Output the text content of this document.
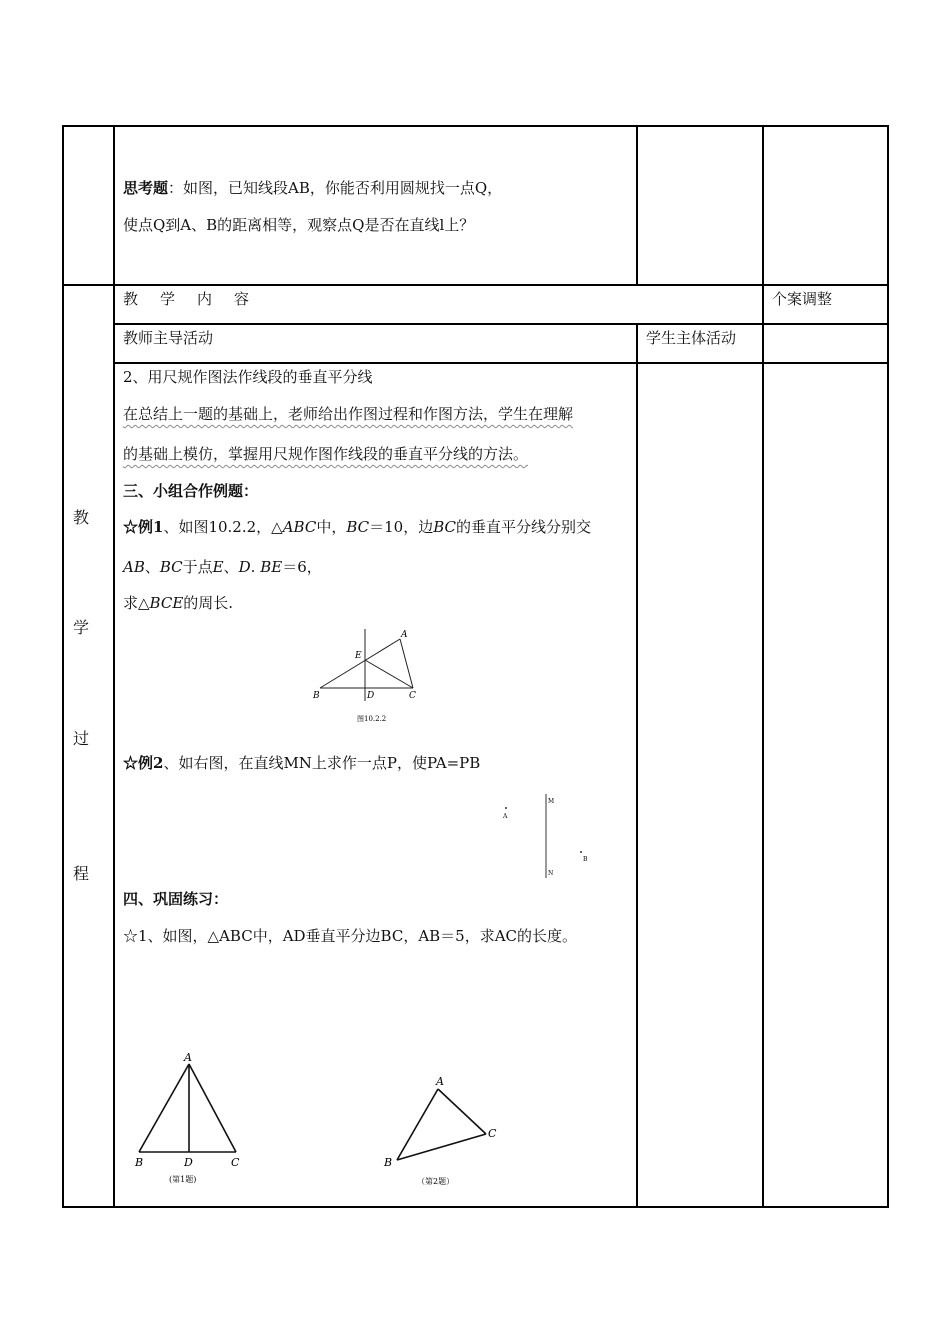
思考题：如图，已知线段AB，你能否利用圆规找一点Q，
使点Q到A、B的距离相等，观察点Q是否在直线l上？
教学内容	个案调整
教师主导活动	学生主体活动
教
学
过
程
2、用尺规作图法作线段的垂直平分线
在总结上一题的基础上，老师给出作图过程和作图方法，学生在理解
的基础上模仿，掌握用尺规作图作线段的垂直平分线的方法。
三、小组合作例题：
☆例1、如图10.2.2，△ABC中，BC＝10，边BC的垂直平分线分别交
AB、BC于点E、D. BE＝6，
求△BCE的周长.
A
E
B	D	C
图10.2.2
☆例2、如右图，在直线MN上求作一点P，使PA=PB
A
B
M
N
四、巩固练习：
☆1、如图，△ABC中，AD垂直平分边BC，AB＝5，求AC的长度。
A
B	D	C
(第1题)
A
C
B
（第2题）
